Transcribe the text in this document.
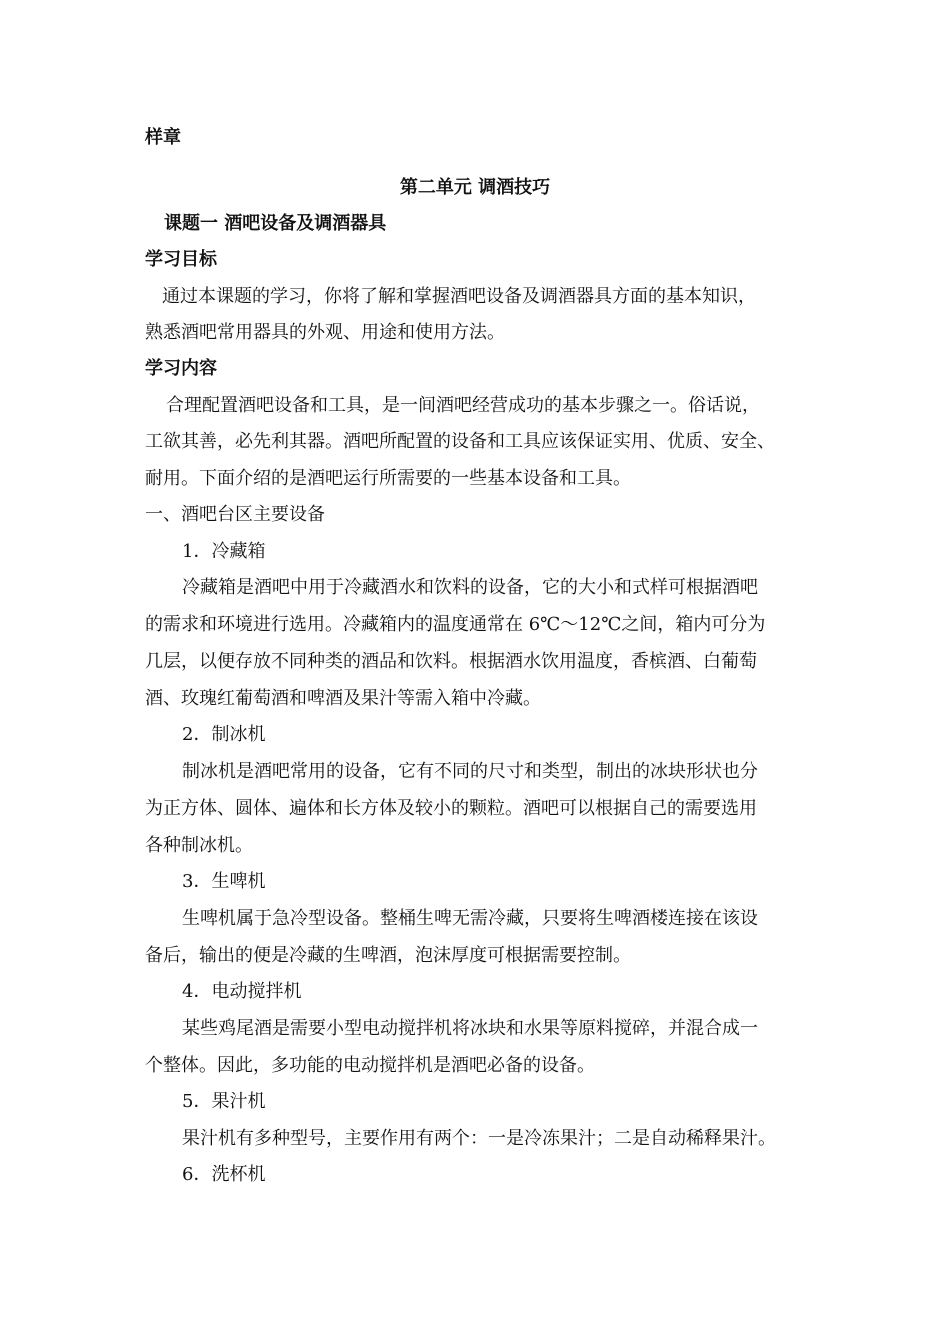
样章
第二单元 调酒技巧
课题一 酒吧设备及调酒器具
学习目标
通过本课题的学习，你将了解和掌握酒吧设备及调酒器具方面的基本知识，
熟悉酒吧常用器具的外观、用途和使用方法。
学习内容
合理配置酒吧设备和工具，是一间酒吧经营成功的基本步骤之一。俗话说，
工欲其善，必先利其器。酒吧所配置的设备和工具应该保证实用、优质、安全、
耐用。下面介绍的是酒吧运行所需要的一些基本设备和工具。
一、酒吧台区主要设备
1．冷藏箱
冷藏箱是酒吧中用于冷藏酒水和饮料的设备，它的大小和式样可根据酒吧
的需求和环境进行选用。冷藏箱内的温度通常在 6℃～12℃之间，箱内可分为
几层，以便存放不同种类的酒品和饮料。根据酒水饮用温度，香槟酒、白葡萄
酒、玫瑰红葡萄酒和啤酒及果汁等需入箱中冷藏。
2．制冰机
制冰机是酒吧常用的设备，它有不同的尺寸和类型，制出的冰块形状也分
为正方体、圆体、遍体和长方体及较小的颗粒。酒吧可以根据自己的需要选用
各种制冰机。
3．生啤机
生啤机属于急冷型设备。整桶生啤无需冷藏，只要将生啤酒楼连接在该设
备后，输出的便是冷藏的生啤酒，泡沫厚度可根据需要控制。
4．电动搅拌机
某些鸡尾酒是需要小型电动搅拌机将冰块和水果等原料搅碎，并混合成一
个整体。因此，多功能的电动搅拌机是酒吧必备的设备。
5．果汁机
果汁机有多种型号，主要作用有两个：一是冷冻果汁；二是自动稀释果汁。
6．洗杯机
